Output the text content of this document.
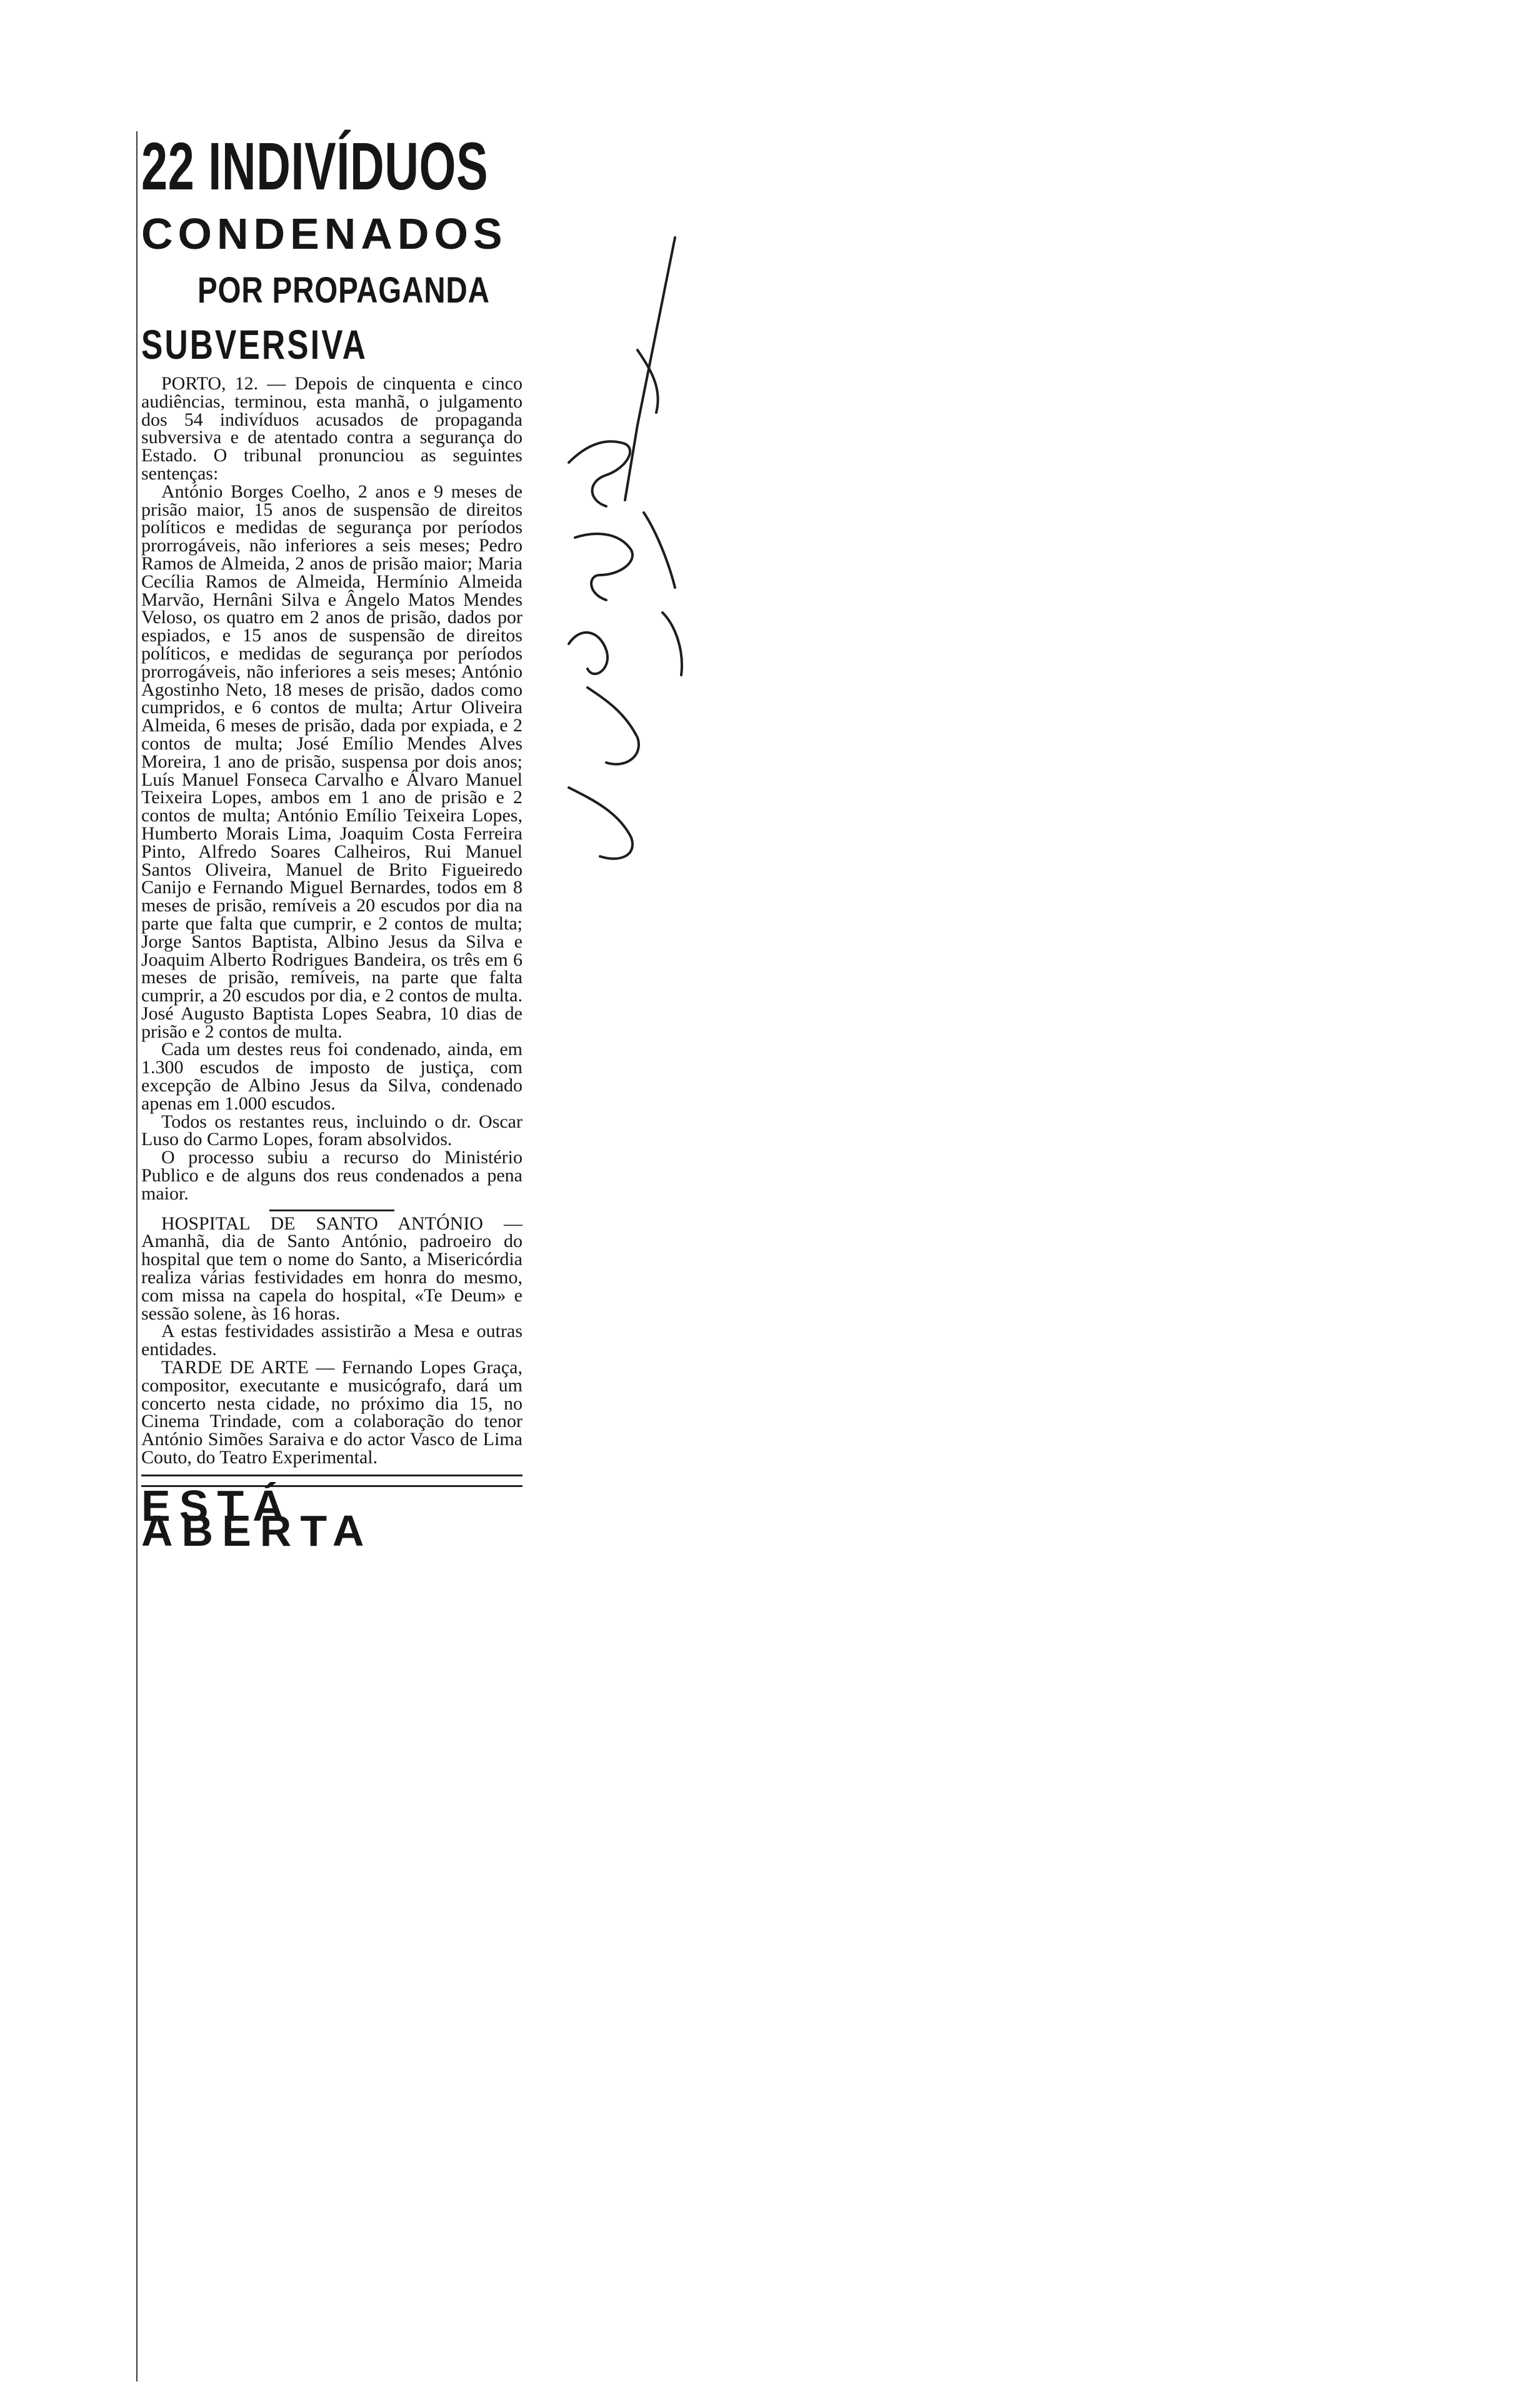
22 INDIVÍDUOS
CONDENADOS
POR PROPAGANDA
SUBVERSIVA

PORTO, 12. — Depois de cinquenta e cinco audiências, terminou, esta manhã, o julgamento dos 54 indivíduos acusados de propaganda subversiva e de atentado contra a segurança do Estado. O tribunal pronunciou as seguintes sentenças:

António Borges Coelho, 2 anos e 9 meses de prisão maior, 15 anos de suspensão de direitos políticos e medidas de segurança por períodos prorrogáveis, não inferiores a seis meses; Pedro Ramos de Almeida, 2 anos de prisão maior; Maria Cecília Ramos de Almeida, Hermínio Almeida Marvão, Hernâni Silva e Ângelo Matos Mendes Veloso, os quatro em 2 anos de prisão, dados por espiados, e 15 anos de suspensão de direitos políticos, e medidas de segurança por períodos prorrogáveis, não inferiores a seis meses; António Agostinho Neto, 18 meses de prisão, dados como cumpridos, e 6 contos de multa; Artur Oliveira Almeida, 6 meses de prisão, dada por expiada, e 2 contos de multa; José Emílio Mendes Alves Moreira, 1 ano de prisão, suspensa por dois anos; Luís Manuel Fonseca Carvalho e Álvaro Manuel Teixeira Lopes, ambos em 1 ano de prisão e 2 contos de multa; António Emílio Teixeira Lopes, Humberto Morais Lima, Joaquim Costa Ferreira Pinto, Alfredo Soares Calheiros, Rui Manuel Santos Oliveira, Manuel de Brito Figueiredo Canijo e Fernando Miguel Bernardes, todos em 8 meses de prisão, remíveis a 20 escudos por dia na parte que falta que cumprir, e 2 contos de multa; Jorge Santos Baptista, Albino Jesus da Silva e Joaquim Alberto Rodrigues Bandeira, os três em 6 meses de prisão, remíveis, na parte que falta cumprir, a 20 escudos por dia, e 2 contos de multa. José Augusto Baptista Lopes Seabra, 10 dias de prisão e 2 contos de multa.

Cada um destes reus foi condenado, ainda, em 1.300 escudos de imposto de justiça, com excepção de Albino Jesus da Silva, condenado apenas em 1.000 escudos.

Todos os restantes reus, incluindo o dr. Oscar Luso do Carmo Lopes, foram absolvidos.

O processo subiu a recurso do Ministério Publico e de alguns dos reus condenados a pena maior.

HOSPITAL DE SANTO ANTÓNIO — Amanhã, dia de Santo António, padroeiro do hospital que tem o nome do Santo, a Misericórdia realiza várias festividades em honra do mesmo, com missa na capela do hospital, «Te Deum» e sessão solene, às 16 horas.

A estas festividades assistirão a Mesa e outras entidades.

TARDE DE ARTE — Fernando Lopes Graça, compositor, executante e musicógrafo, dará um concerto nesta cidade, no próximo dia 15, no Cinema Trindade, com a colaboração do tenor António Simões Saraiva e do actor Vasco de Lima Couto, do Teatro Experimental.

ESTÁ ABERTA
